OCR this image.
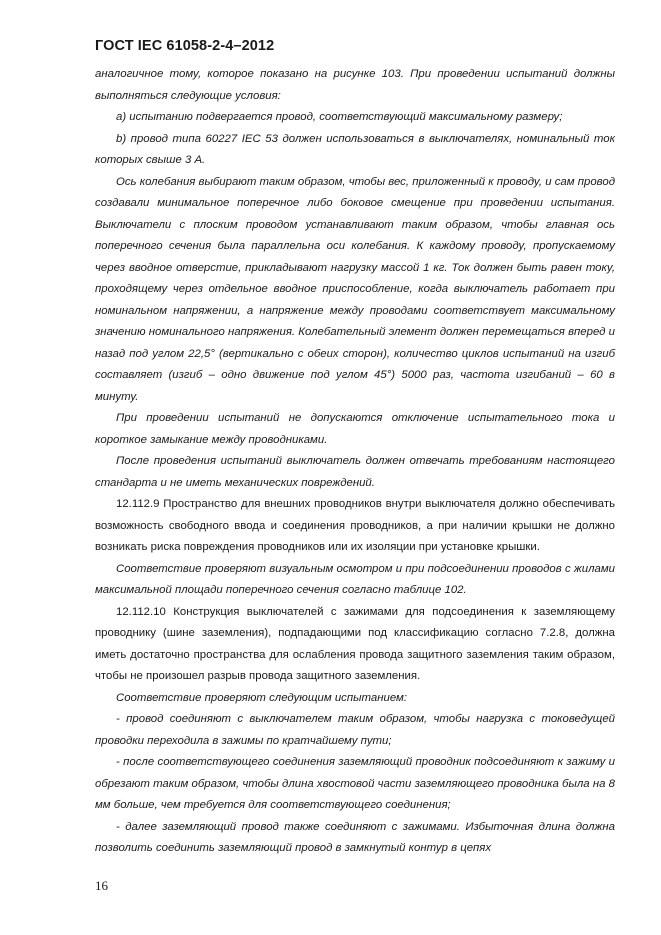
ГОСТ IEC 61058-2-4–2012

аналогичное тому, которое показано на рисунке 103. При проведении испытаний должны выполняться следующие условия:

a) испытанию подвергается провод, соответствующий максимальному размеру;

b) провод типа 60227 IEC 53 должен использоваться в выключателях, номинальный ток которых свыше 3 А.

Ось колебания выбирают таким образом, чтобы вес, приложенный к проводу, и сам провод создавали минимальное поперечное либо боковое смещение при проведении испытания. Выключатели с плоским проводом устанавливают таким образом, чтобы главная ось поперечного сечения была параллельна оси колебания. К каждому проводу, пропускаемому через вводное отверстие, прикладывают нагрузку массой 1 кг. Ток должен быть равен току, проходящему через отдельное вводное приспособление, когда выключатель работает при номинальном напряжении, а напряжение между проводами соответствует максимальному значению номинального напряжения. Колебательный элемент должен перемещаться вперед и назад под углом 22,5° (вертикально с обеих сторон), количество циклов испытаний на изгиб составляет (изгиб – одно движение под углом 45°) 5000 раз, частота изгибаний – 60 в минуту.

При проведении испытаний не допускаются отключение испытательного тока и короткое замыкание между проводниками.

После проведения испытаний выключатель должен отвечать требованиям настоящего стандарта и не иметь механических повреждений.

12.112.9 Пространство для внешних проводников внутри выключателя должно обеспечивать возможность свободного ввода и соединения проводников, а при наличии крышки не должно возникать риска повреждения проводников или их изоляции при установке крышки.

Соответствие проверяют визуальным осмотром и при подсоединении проводов с жилами максимальной площади поперечного сечения согласно таблице 102.

12.112.10 Конструкция выключателей с зажимами для подсоединения к заземляющему проводнику (шине заземления), подпадающими под классификацию согласно 7.2.8, должна иметь достаточно пространства для ослабления провода защитного заземления таким образом, чтобы не произошел разрыв провода защитного заземления.

Соответствие проверяют следующим испытанием:

- провод соединяют с выключателем таким образом, чтобы нагрузка с токоведущей проводки переходила в зажимы по кратчайшему пути;

- после соответствующего соединения заземляющий проводник подсоединяют к зажиму и обрезают таким образом, чтобы длина хвостовой части заземляющего проводника была на 8 мм больше, чем требуется для соответствующего соединения;

- далее заземляющий провод также соединяют с зажимами. Избыточная длина должна позволить соединить заземляющий провод в замкнутый контур в цепях

16
